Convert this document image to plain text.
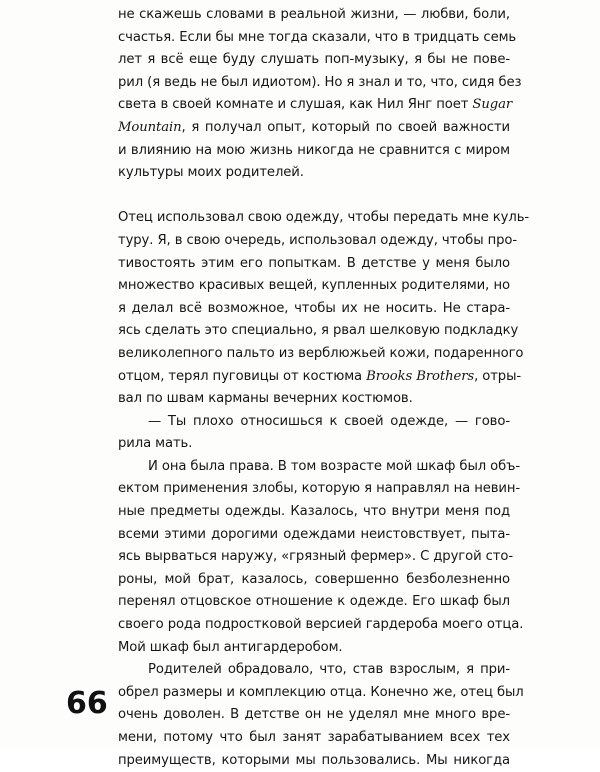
не скажешь словами в реальной жизни, — любви, боли,
счастья. Если бы мне тогда сказали, что в тридцать семь
лет я всё еще буду слушать поп-музыку, я бы не пове-
рил (я ведь не был идиотом). Но я знал и то, что, сидя без
света в своей комнате и слушая, как Нил Янг поет Sugar
Mountain, я получал опыт, который по своей важности
и влиянию на мою жизнь никогда не сравнится с миром
культуры моих родителей.
Отец использовал свою одежду, чтобы передать мне куль-
туру. Я, в свою очередь, использовал одежду, чтобы про-
тивостоять этим его попыткам. В детстве у меня было
множество красивых вещей, купленных родителями, но
я делал всё возможное, чтобы их не носить. Не стара-
ясь сделать это специально, я рвал шелковую подкладку
великолепного пальто из верблюжьей кожи, подаренного
отцом, терял пуговицы от костюма Brooks Brothers, отры-
вал по швам карманы вечерних костюмов.
— Ты плохо относишься к своей одежде, — гово-
рила мать.
И она была права. В том возрасте мой шкаф был объ-
ектом применения злобы, которую я направлял на невин-
ные предметы одежды. Казалось, что внутри меня под
всеми этими дорогими одеждами неистовствует, пыта-
ясь вырваться наружу, «грязный фермер». С другой сто-
роны, мой брат, казалось, совершенно безболезненно
перенял отцовское отношение к одежде. Его шкаф был
своего рода подростковой версией гардероба моего отца.
Мой шкаф был антигардеробом.
Родителей обрадовало, что, став взрослым, я при-
обрел размеры и комплекцию отца. Конечно же, отец был
очень доволен. В детстве он не уделял мне много вре-
мени, потому что был занят зарабатыванием всех тех
преимуществ, которыми мы пользовались. Мы никогда
66
